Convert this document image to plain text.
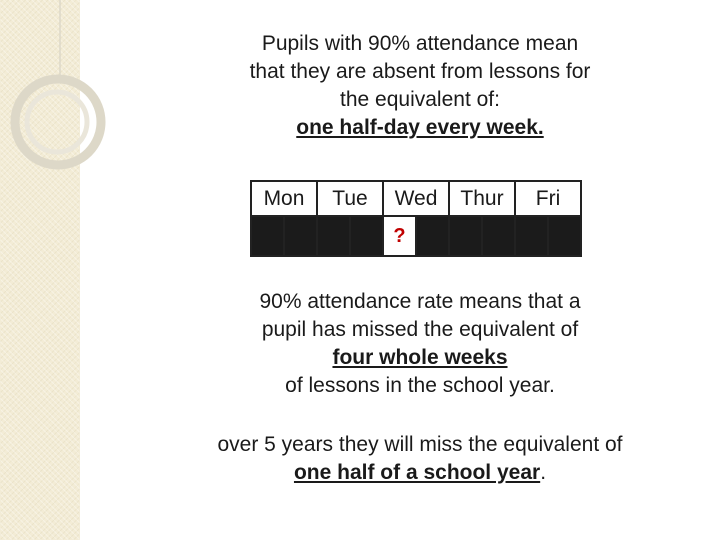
Pupils with 90% attendance mean
that they are absent from lessons for
the equivalent of:
one half-day every week.
Mon		Tue		Wed		Thur		Fri	
				?					
90% attendance rate means that a
pupil has missed the equivalent of
four whole weeks
of lessons in the school year.
over 5 years they will miss the equivalent of
one half of a school year.
